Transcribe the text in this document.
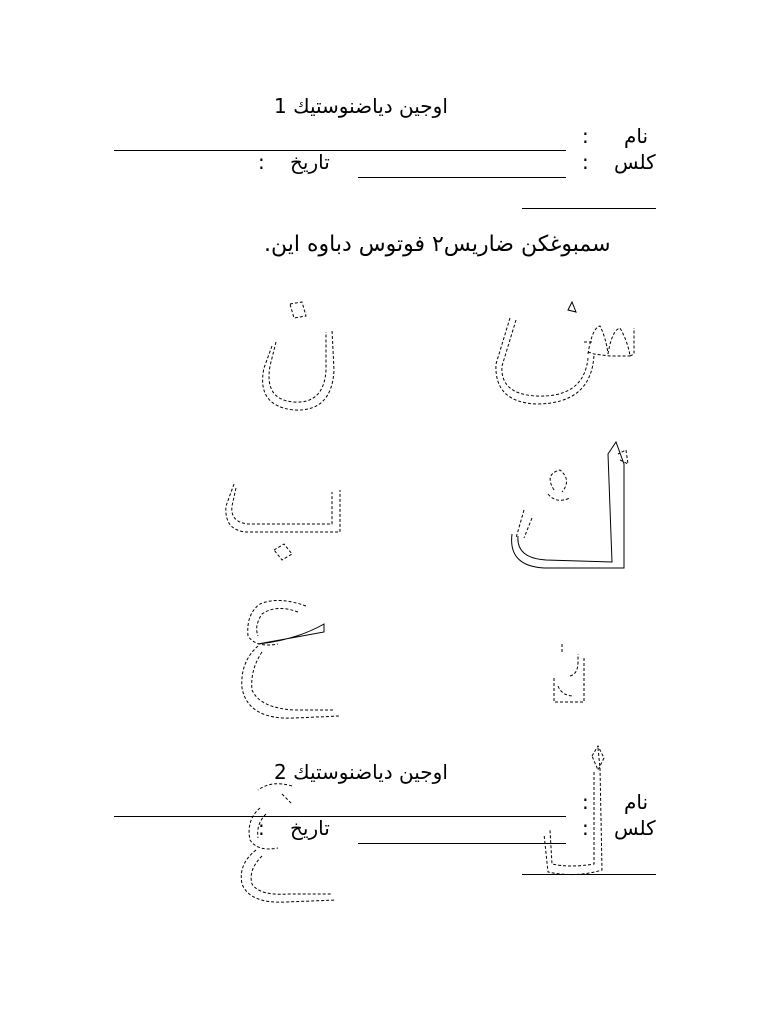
اوجين دياضنوستيك 1
نام
:
كلس
:
تاريخ
:
سمبوغكن ضاريس٢ فوتوس دباوه اين.
اوجين دياضنوستيك 2
نام
:
كلس
:
تاريخ
:
